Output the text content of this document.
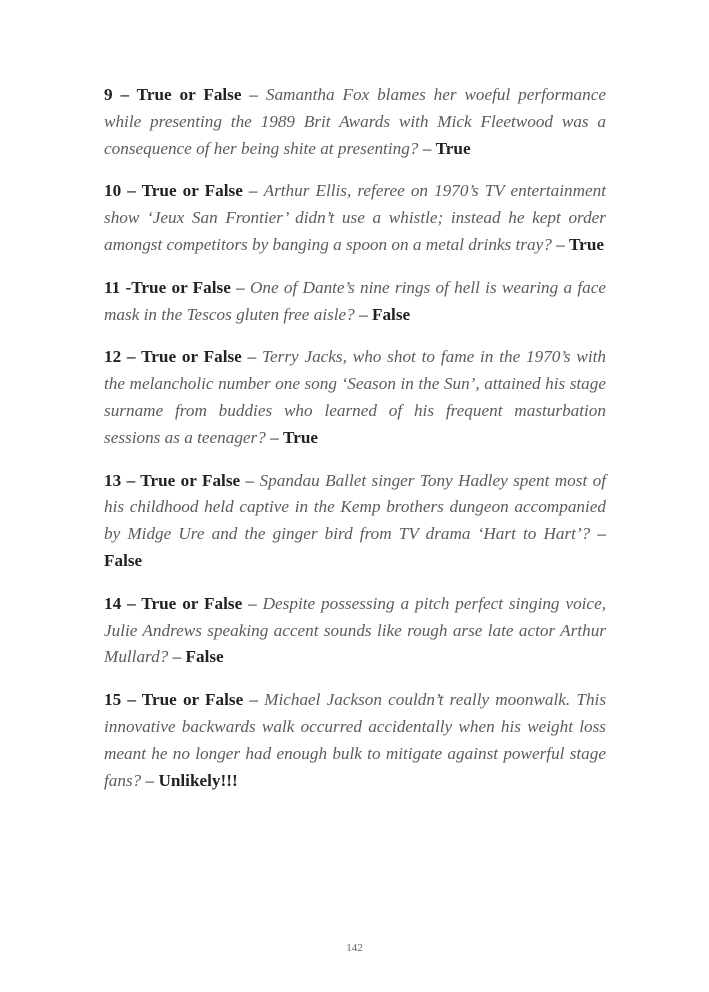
9 – True or False – Samantha Fox blames her woeful performance while presenting the 1989 Brit Awards with Mick Fleetwood was a consequence of her being shite at presenting? – True

10 – True or False – Arthur Ellis, referee on 1970’s TV entertainment show ‘Jeux San Frontier’ didn’t use a whistle; instead he kept order amongst competitors by banging a spoon on a metal drinks tray? – True

11 -True or False – One of Dante’s nine rings of hell is wearing a face mask in the Tescos gluten free aisle? – False

12 – True or False – Terry Jacks, who shot to fame in the 1970’s with the melancholic number one song ‘Season in the Sun’, attained his stage surname from buddies who learned of his frequent masturbation sessions as a teenager? – True

13 – True or False – Spandau Ballet singer Tony Hadley spent most of his childhood held captive in the Kemp brothers dungeon accompanied by Midge Ure and the ginger bird from TV drama ‘Hart to Hart’? – False

14 – True or False – Despite possessing a pitch perfect singing voice, Julie Andrews speaking accent sounds like rough arse late actor Arthur Mullard? – False

15 – True or False – Michael Jackson couldn’t really moonwalk. This innovative backwards walk occurred accidentally when his weight loss meant he no longer had enough bulk to mitigate against powerful stage fans? – Unlikely!!!

142
